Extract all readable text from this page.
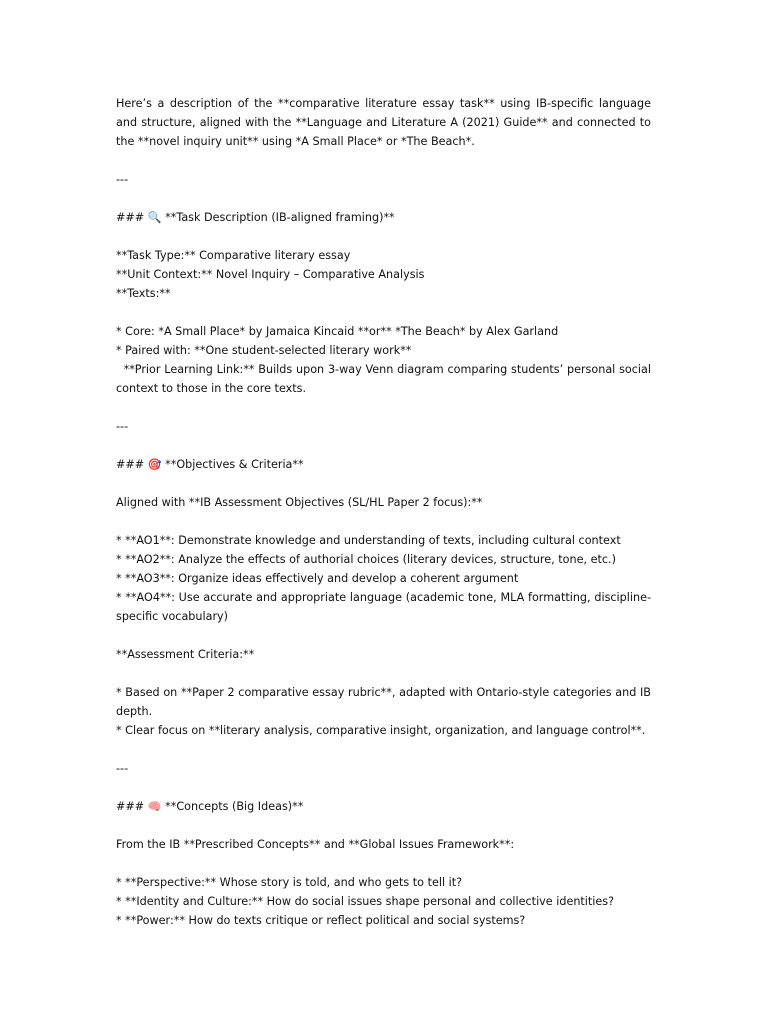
Here’s a description of the **comparative literature essay task** using IB-specific language and structure, aligned with the **Language and Literature A (2021) Guide** and connected to the **novel inquiry unit** using *A Small Place* or *The Beach*.

---

### 🔍 **Task Description (IB-aligned framing)**

**Task Type:** Comparative literary essay

**Unit Context:** Novel Inquiry – Comparative Analysis

**Texts:**

* Core: *A Small Place* by Jamaica Kincaid **or** *The Beach* by Alex Garland

* Paired with: **One student-selected literary work**

**Prior Learning Link:** Builds upon 3-way Venn diagram comparing students’ personal social context to those in the core texts.

---

### 🎯 **Objectives & Criteria**

Aligned with **IB Assessment Objectives (SL/HL Paper 2 focus):**

* **AO1**: Demonstrate knowledge and understanding of texts, including cultural context

* **AO2**: Analyze the effects of authorial choices (literary devices, structure, tone, etc.)

* **AO3**: Organize ideas effectively and develop a coherent argument

* **AO4**: Use accurate and appropriate language (academic tone, MLA formatting, discipline-specific vocabulary)

**Assessment Criteria:**

* Based on **Paper 2 comparative essay rubric**, adapted with Ontario-style categories and IB depth.

* Clear focus on **literary analysis, comparative insight, organization, and language control**.

---

### 🧠 **Concepts (Big Ideas)**

From the IB **Prescribed Concepts** and **Global Issues Framework**:

* **Perspective:** Whose story is told, and who gets to tell it?

* **Identity and Culture:** How do social issues shape personal and collective identities?

* **Power:** How do texts critique or reflect political and social systems?
